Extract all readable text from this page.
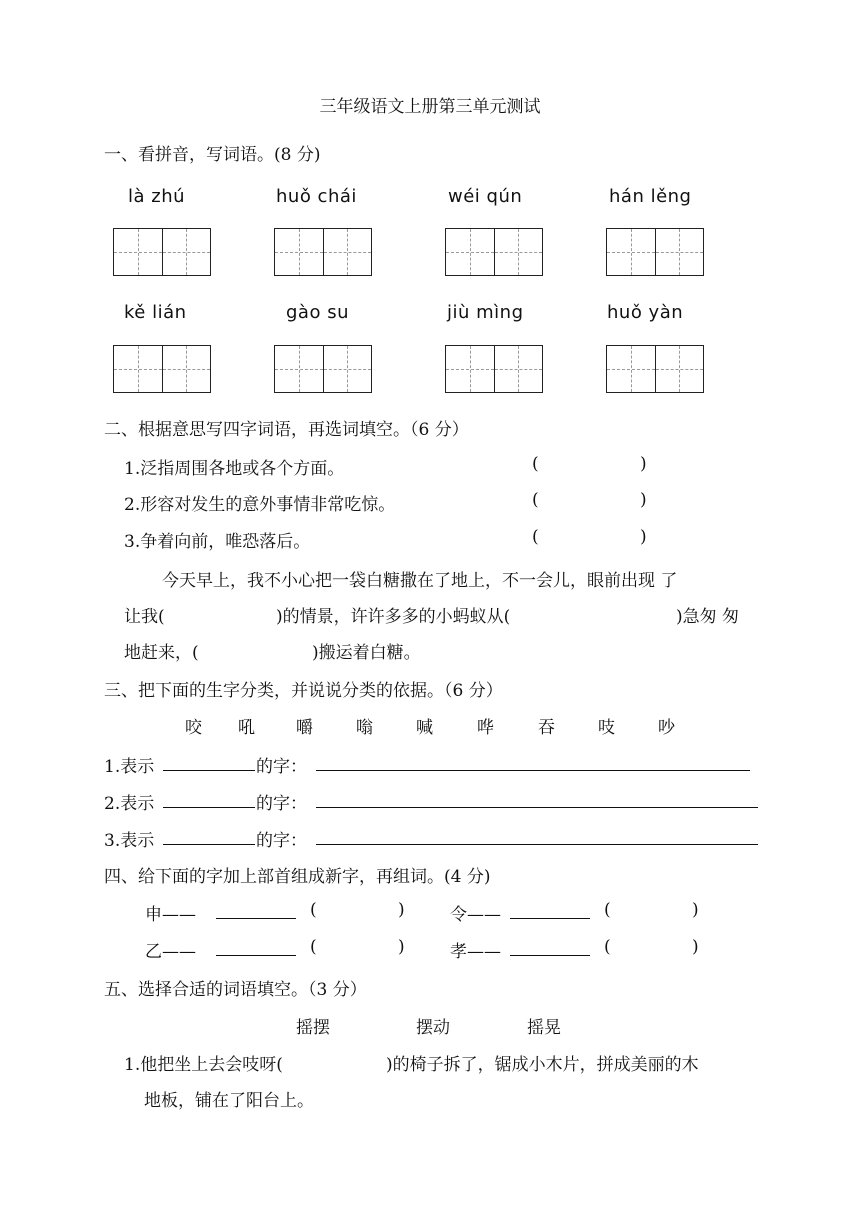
三年级语文上册第三单元测试
一、看拼音，写词语。(8 分)
là zhú	huǒ chái	wéi qún	hán lěng
kě lián	gào su	jiù mìng	huǒ yàn
二、根据意思写四字词语，再选词填空。（6 分）
1.泛指周围各地或各个方面。	(	)
2.形容对发生的意外事情非常吃惊。	(	)
3.争着向前，唯恐落后。	(	)
今天早上，我不小心把一袋白糖撒在了地上，不一会儿，眼前出现 了
让我(	)的情景，许许多多的小蚂蚁从(	)急匆 匆
地赶来，(	)搬运着白糖。
三、把下面的生字分类，并说说分类的依据。（6 分）
咬 吼 嚼	嗡	喊	哗	吞	吱	吵
1.表示	的字：
2.表示	的字：
3.表示	的字：
四、给下面的字加上部首组成新字，再组词。(4 分)
申——	(	)	令——	(	)
乙——	(	)	孝——	(	)
五、选择合适的词语填空。（3 分）
摇摆	摆动	摇晃
1.他把坐上去会吱呀(	)的椅子拆了，锯成小木片，拼成美丽的木
地板，铺在了阳台上。
